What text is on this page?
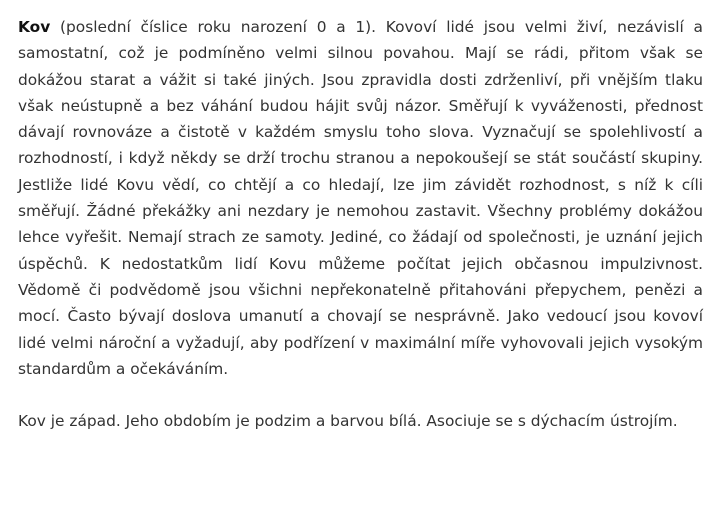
Kov (poslední číslice roku narození 0 a 1). Kovoví lidé jsou velmi živí, nezávislí a samostatní, což je podmíněno velmi silnou povahou. Mají se rádi, přitom však se dokážou starat a vážit si také jiných. Jsou zpravidla dosti zdrženliví, při vnějším tlaku však neústupně a bez váhání budou hájit svůj názor. Směřují k vyváženosti, přednost dávají rovnováze a čistotě v každém smyslu toho slova. Vyznačují se spolehlivostí a rozhodností, i když někdy se drží trochu stranou a nepokoušejí se stát součástí skupiny. Jestliže lidé Kovu vědí, co chtějí a co hledají, lze jim závidět rozhodnost, s níž k cíli směřují. Žádné překážky ani nezdary je nemohou zastavit. Všechny problémy dokážou lehce vyřešit. Nemají strach ze samoty. Jediné, co žádají od společnosti, je uznání jejich úspěchů. K nedostatkům lidí Kovu můžeme počítat jejich občasnou impulzivnost. Vědomě či podvědomě jsou všichni nepřekonatelně přitahováni přepychem, penězi a mocí. Často bývají doslova umanutí a chovají se nesprávně. Jako vedoucí jsou kovoví lidé velmi nároční a vyžadují, aby podřízení v maximální míře vyhovovali jejich vysokým standardům a očekáváním.

Kov je západ. Jeho obdobím je podzim a barvou bílá. Asociuje se s dýchacím ústrojím.
